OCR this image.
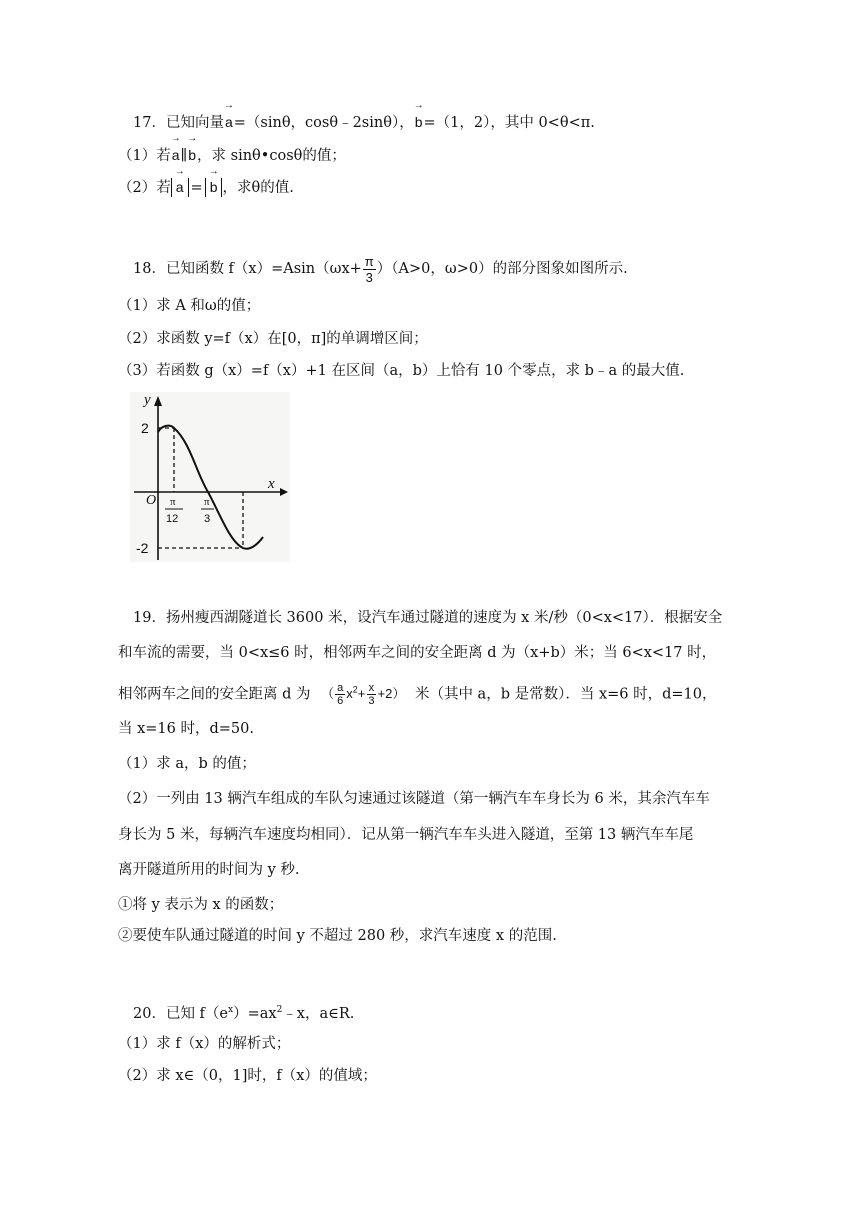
17．已知向量→ a=（sinθ，cosθ﹣2sinθ），→ b=（1，2），其中 0<θ<π.
（1）若→ a∥→ b，求 sinθ•cosθ的值；
（2）若 → a = → b ，求θ的值.
18．已知函数 $f(x)=Asin(\omega x+ \frac{\pi}{3} )(A>0$，ω>0）的部分图象如图所示.
（1）求 A 和ω的值；
（2）求函数 y=f（x）在[0，π]的单调增区间；
（3）若函数 g（x）=f（x）+1 在区间（a，b）上恰有 10 个零点，求 b﹣a 的最大值.
y
x
2
-2
O π
12
π
3
19．扬州瘦西湖隧道长 3600 米，设汽车通过隧道的速度为 x 米/秒（0<x<17）．根据安全
和车流的需要，当 0<x≤6 时，相邻两车之间的安全距离 d 为（x+b）米；当 6<x<17 时，
相邻两车之间的安全距离 d 为 （ $\frac{a}{6} x^2+ \frac{x}{3} +2$） 米（其中 a，b 是常数）．当 x=6 时，d=10，
当 x=16 时，d=50.
（1）求 a，b 的值；
（2）一列由 13 辆汽车组成的车队匀速通过该隧道（第一辆汽车车身长为 6 米，其余汽车车
身长为 5 米，每辆汽车速度均相同）．记从第一辆汽车车头进入隧道，至第 13 辆汽车车尾
离开隧道所用的时间为 y 秒.
①将 y 表示为 x 的函数；
②要使车队通过隧道的时间 y 不超过 280 秒，求汽车速度 x 的范围.
20．已知 $f(e^x)=ax^2﹣x$，a∈R.
（1）求 f（x）的解析式；
（2）求 x∈（0，1]时，f（x）的值域；
